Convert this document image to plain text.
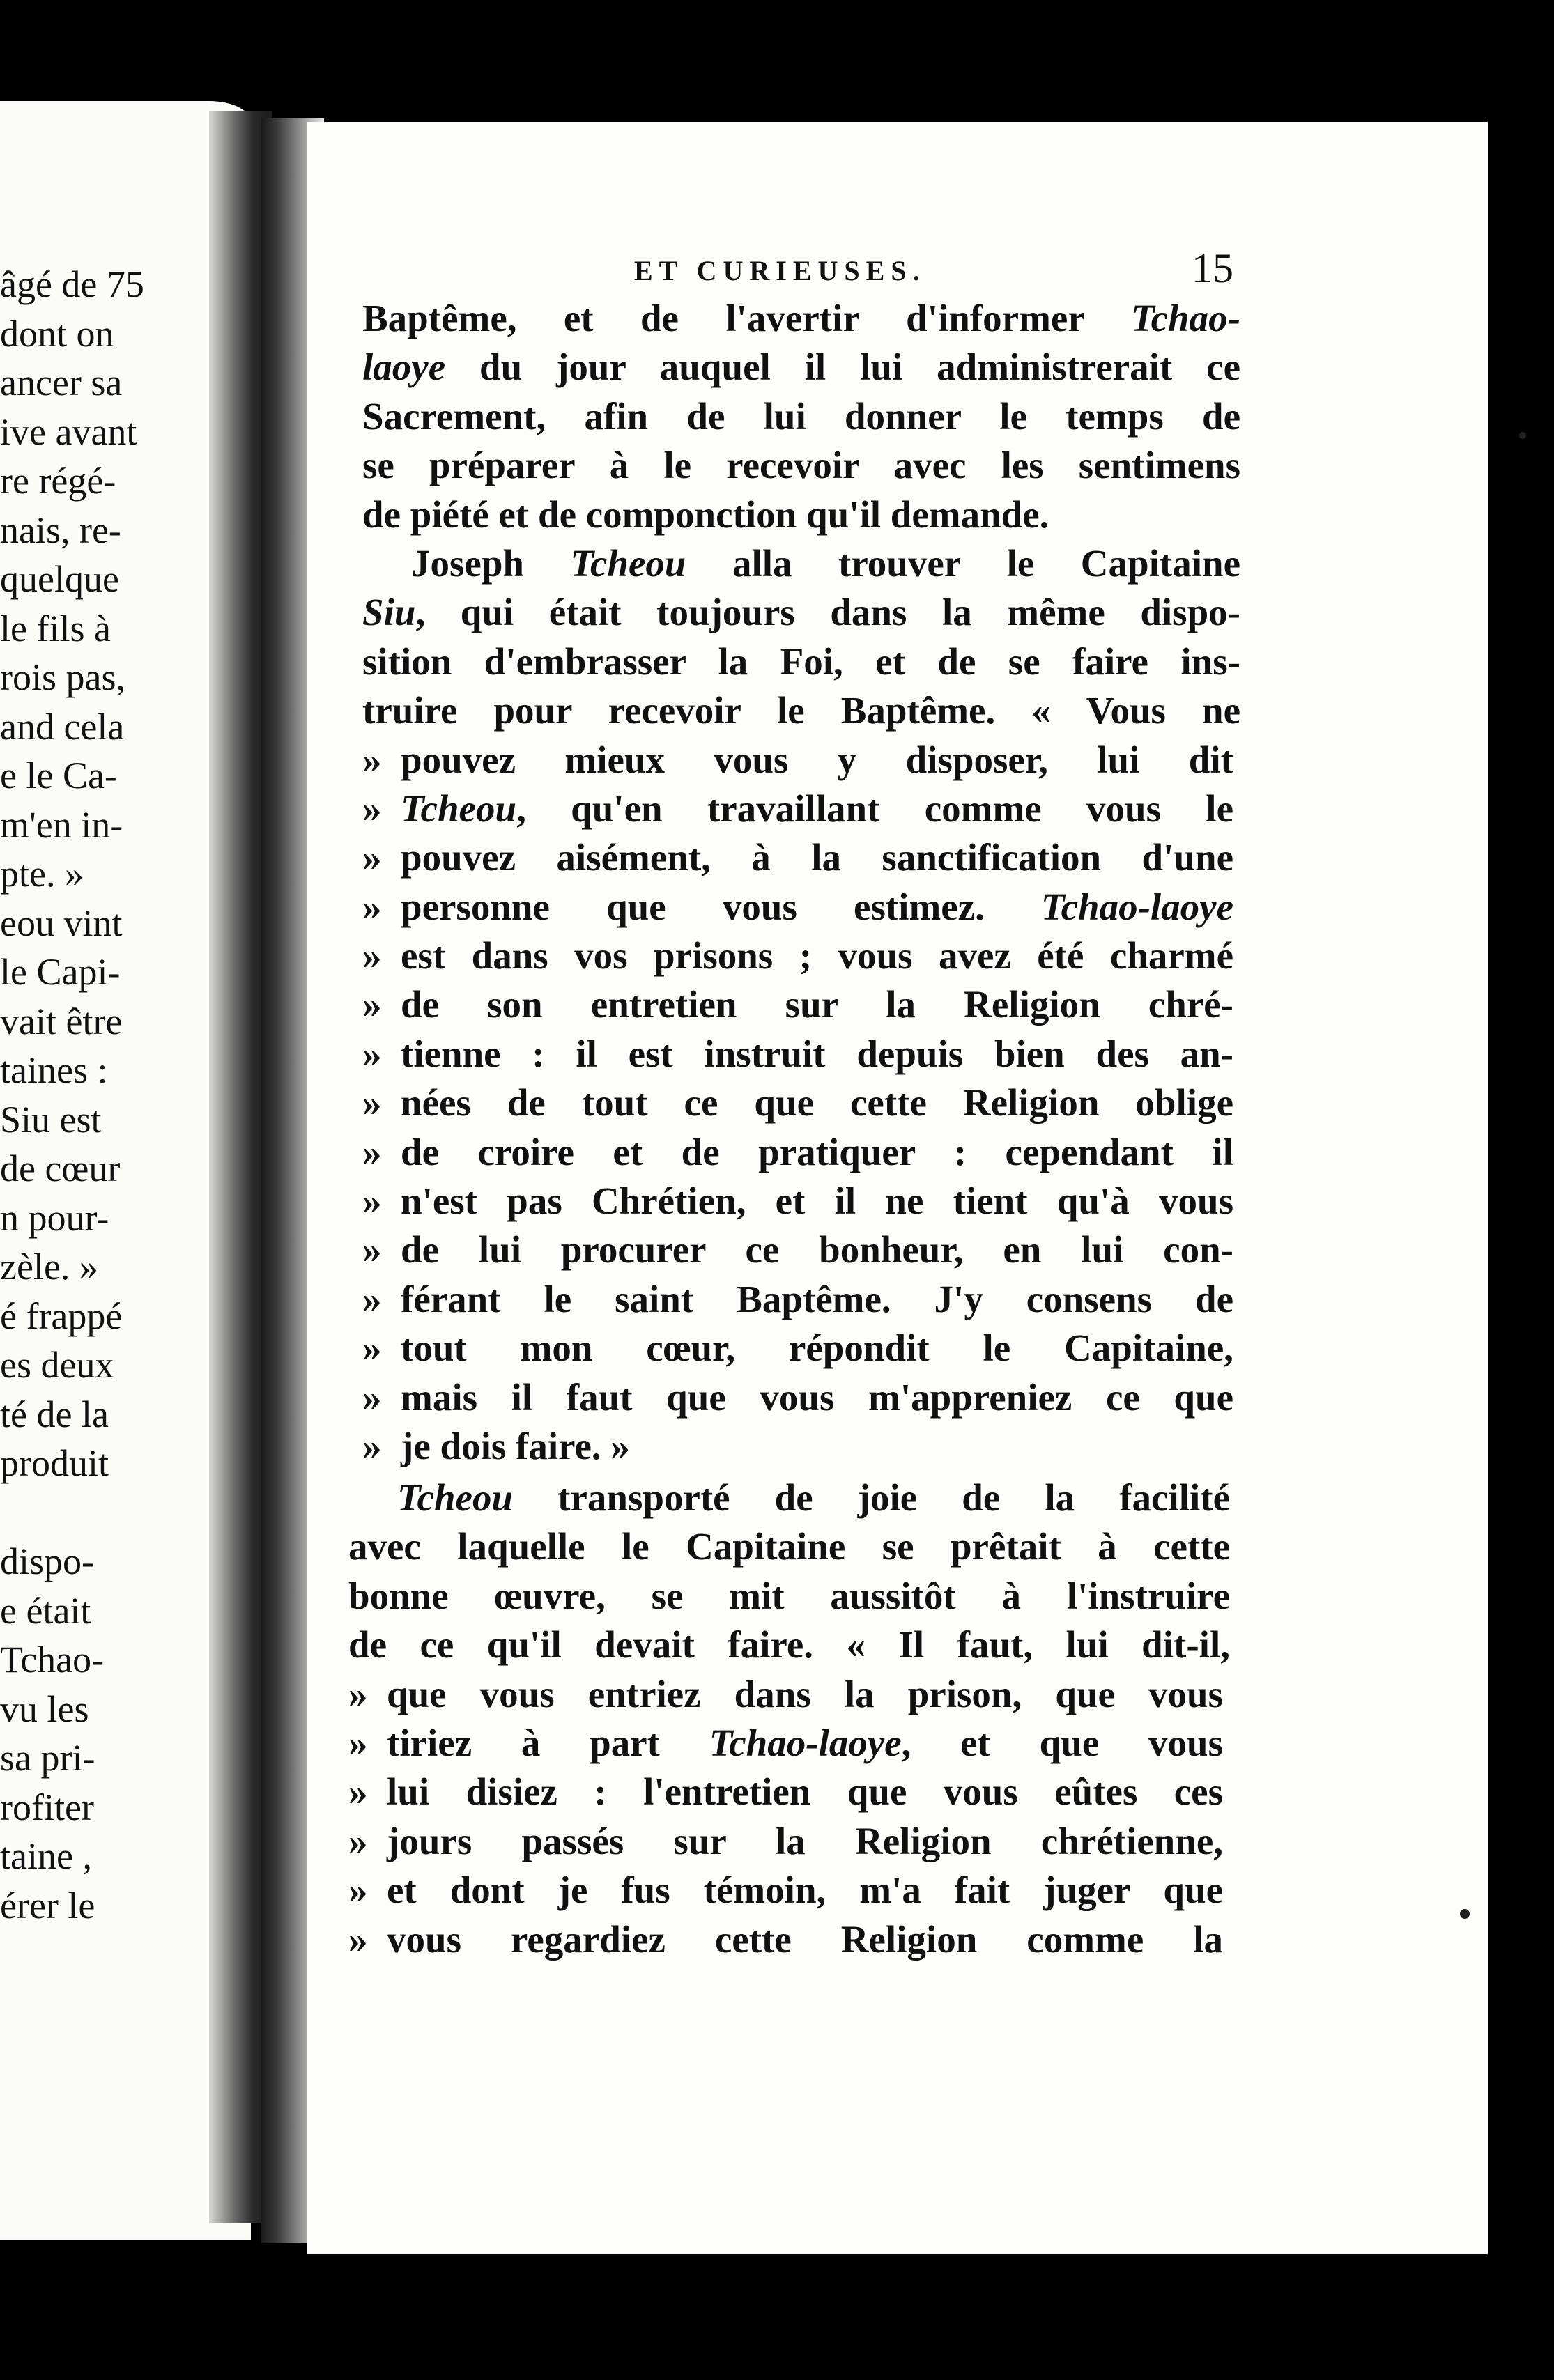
âgé de 75
dont on
ancer sa
ive avant
re régé-
nais, re-
quelque
le fils à
rois pas,
and cela
e le Ca-
m'en in-
pte. »
eou vint
le Capi-
vait être
taines :
Siu est
de cœur
n pour-
zèle. »
é frappé
es deux
té de la
produit

dispo-
e était
Tchao-
vu les
sa pri-
rofiter
taine ,
érer le
ET CURIEUSES.	15
Baptême, et de l'avertir d'informer Tchao-
laoye du jour auquel il lui administrerait ce
Sacrement, afin de lui donner le temps de
se préparer à le recevoir avec les sentimens
de piété et de componction qu'il demande.
Joseph Tcheou alla trouver le Capitaine
Siu, qui était toujours dans la même dispo-
sition d'embrasser la Foi, et de se faire ins-
truire pour recevoir le Baptême. « Vous ne
» pouvez mieux vous y disposer, lui dit
» Tcheou, qu'en travaillant comme vous le
» pouvez aisément, à la sanctification d'une
» personne que vous estimez. Tchao-laoye
» est dans vos prisons ; vous avez été charmé
» de son entretien sur la Religion chré-
» tienne : il est instruit depuis bien des an-
» nées de tout ce que cette Religion oblige
» de croire et de pratiquer : cependant il
» n'est pas Chrétien, et il ne tient qu'à vous
» de lui procurer ce bonheur, en lui con-
» férant le saint Baptême. J'y consens de
» tout mon cœur, répondit le Capitaine,
» mais il faut que vous m'appreniez ce que
» je dois faire. »
Tcheou transporté de joie de la facilité
avec laquelle le Capitaine se prêtait à cette
bonne œuvre, se mit aussitôt à l'instruire
de ce qu'il devait faire. « Il faut, lui dit-il,
» que vous entriez dans la prison, que vous
» tiriez à part Tchao-laoye, et que vous
» lui disiez : l'entretien que vous eûtes ces
» jours passés sur la Religion chrétienne,
» et dont je fus témoin, m'a fait juger que
» vous regardiez cette Religion comme la
